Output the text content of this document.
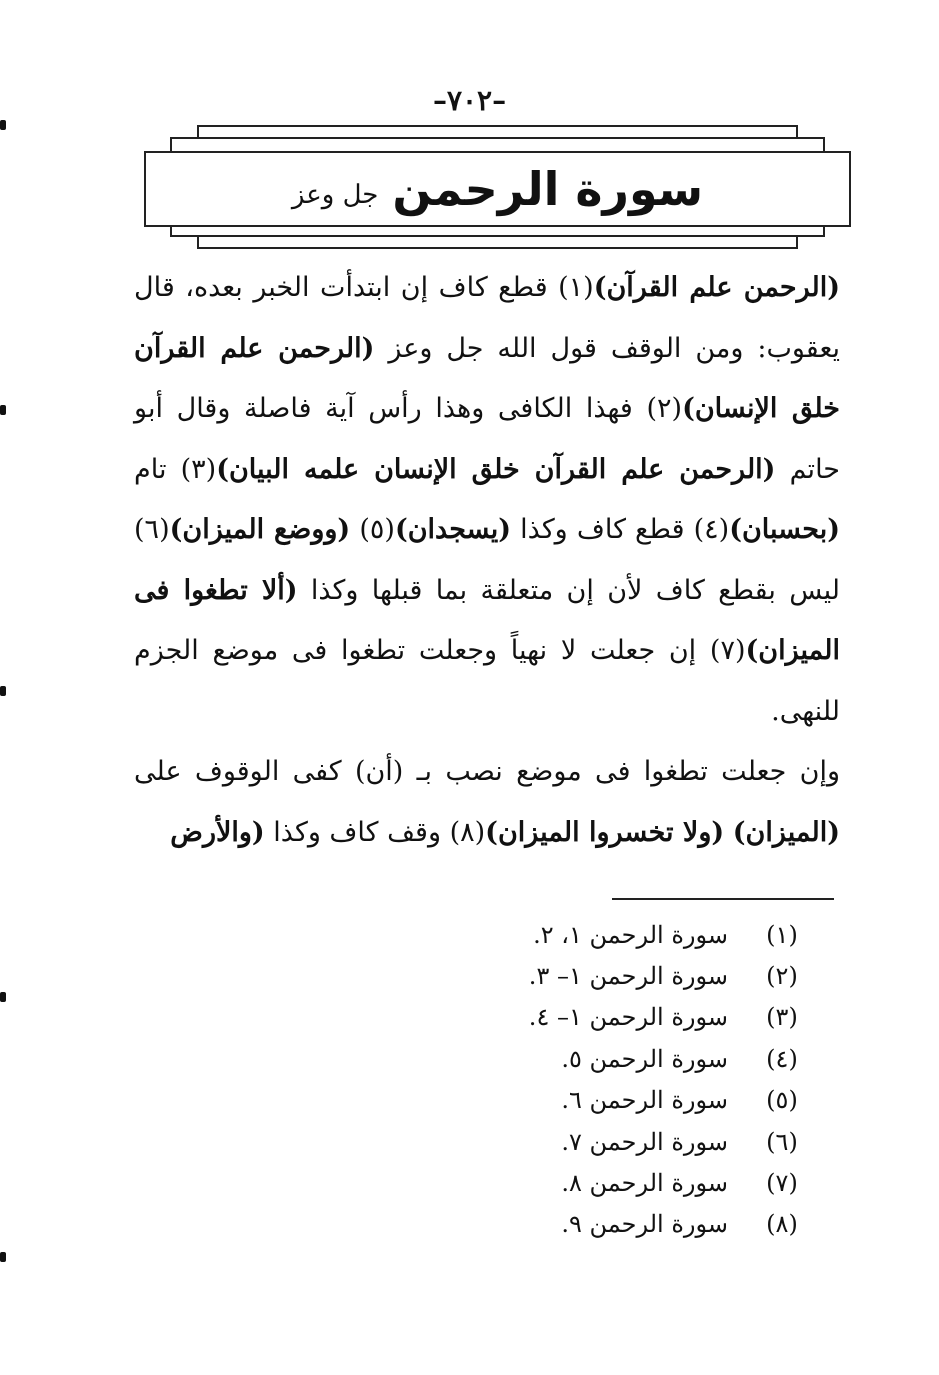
–٧٠٢–
سورة الرحمن
جل وعز

(الرحمن علم القرآن)(١) قطع كاف إن ابتدأت الخبر بعده، قال يعقوب: ومن الوقف قول الله جل وعز (الرحمن علم القرآن خلق الإنسان)(٢) فهذا الكافى وهذا رأس آية فاصلة وقال أبو حاتم (الرحمن علم القرآن خلق الإنسان علمه البيان)(٣) تام (بحسبان)(٤) قطع كاف وكذا (يسجدان)(٥) (ووضع الميزان)(٦) ليس بقطع كاف لأن إن متعلقة بما قبلها وكذا (ألا تطغوا فى الميزان)(٧) إن جعلت لا نهياً وجعلت تطغوا فى موضع الجزم للنهى.

وإن جعلت تطغوا فى موضع نصب بـ (أن) كفى الوقوف على (الميزان) (ولا تخسروا الميزان)(٨) وقف كاف وكذا (والأرض

(١)
سورة الرحمن ١، ٢.
(٢)
سورة الرحمن ١– ٣.
(٣)
سورة الرحمن ١– ٤.
(٤)
سورة الرحمن ٥.
(٥)
سورة الرحمن ٦.
(٦)
سورة الرحمن ٧.
(٧)
سورة الرحمن ٨.
(٨)
سورة الرحمن ٩.
